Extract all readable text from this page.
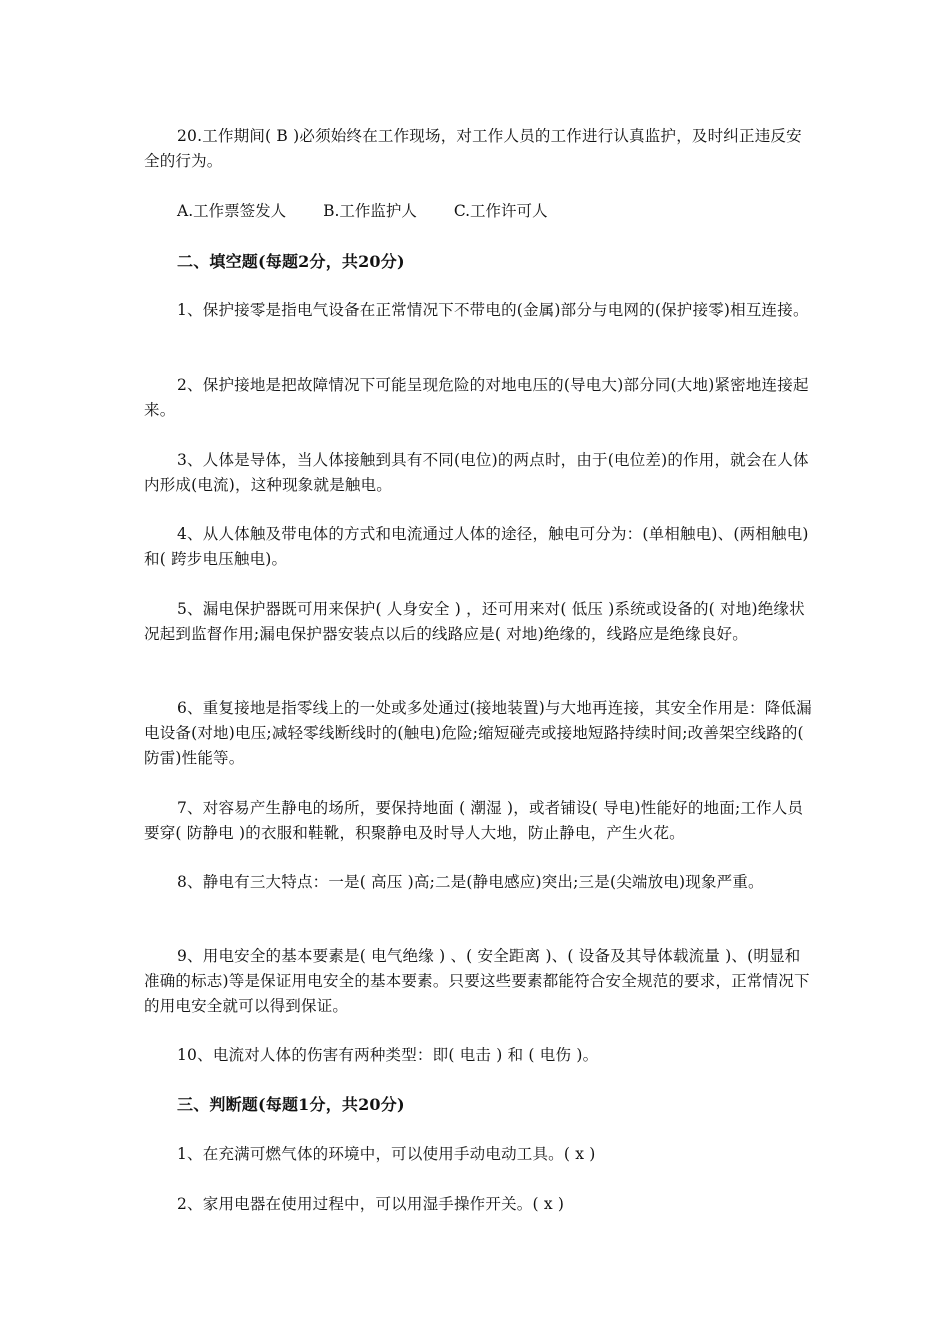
20.工作期间( B )必须始终在工作现场，对工作人员的工作进行认真监护，及时纠正违反安全的行为。

A.工作票签发人 B.工作监护人 C.工作许可人

二、填空题(每题2分，共20分)

1、保护接零是指电气设备在正常情况下不带电的(金属)部分与电网的(保护接零)相互连接。

2、保护接地是把故障情况下可能呈现危险的对地电压的(导电大)部分同(大地)紧密地连接起来。

3、人体是导体，当人体接触到具有不同(电位)的两点时，由于(电位差)的作用，就会在人体内形成(电流)，这种现象就是触电。

4、从人体触及带电体的方式和电流通过人体的途径，触电可分为：(单相触电)、(两相触电)和( 跨步电压触电)。

5、漏电保护器既可用来保护( 人身安全 ) ，还可用来对( 低压 )系统或设备的( 对地)绝缘状况起到监督作用;漏电保护器安装点以后的线路应是( 对地)绝缘的，线路应是绝缘良好。

6、重复接地是指零线上的一处或多处通过(接地装置)与大地再连接，其安全作用是：降低漏电设备(对地)电压;减轻零线断线时的(触电)危险;缩短碰壳或接地短路持续时间;改善架空线路的( 防雷)性能等。

7、对容易产生静电的场所，要保持地面 ( 潮湿 )，或者铺设( 导电)性能好的地面;工作人员要穿( 防静电 )的衣服和鞋靴，积聚静电及时导人大地，防止静电，产生火花。

8、静电有三大特点：一是( 高压 )高;二是(静电感应)突出;三是(尖端放电)现象严重。

9、用电安全的基本要素是( 电气绝缘 ) 、( 安全距离 )、( 设备及其导体载流量 )、(明显和准确的标志)等是保证用电安全的基本要素。只要这些要素都能符合安全规范的要求，正常情况下的用电安全就可以得到保证。

10、电流对人体的伤害有两种类型：即( 电击 ) 和 ( 电伤 )。

三、判断题(每题1分，共20分)

1、在充满可燃气体的环境中，可以使用手动电动工具。( x )

2、家用电器在使用过程中，可以用湿手操作开关。( x )
